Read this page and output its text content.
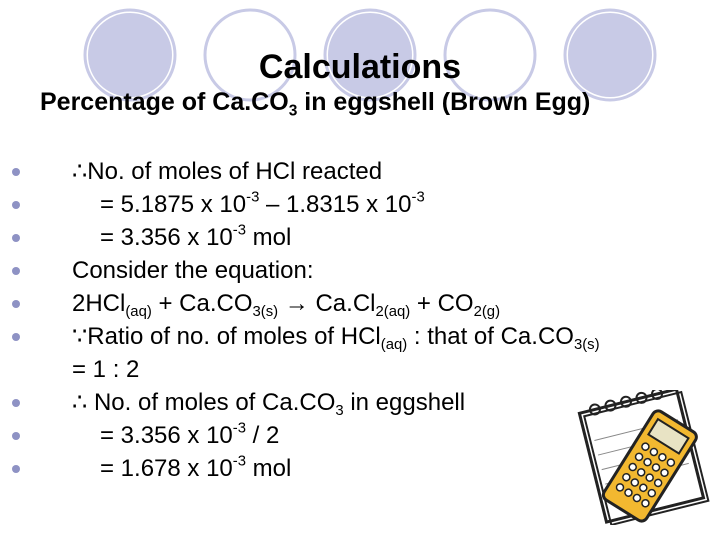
Calculations
Percentage of $Ca.CO_3$ in eggshell (Brown Egg)
∴No. of moles of HCl reacted
= 5.1875 x $10^{-3} - 1.8315$ x $10^{-3}$
= 3.356 x $10^{-3}$ mol
Consider the equation:
$2HCl_{(aq)} + Ca.CO_{3(s)} \to Ca.Cl_{2(aq)} + CO_{2(g)}$
∵Ratio of no. of moles of HCl$_{(aq)}$ : that of $Ca.CO_{3(s)} = 1$ : 2
∴ No. of moles of $Ca.CO_3$ in eggshell
= 3.356 x $10^{-3} / 2$
= 1.678 x $10^{-3}$ mol
